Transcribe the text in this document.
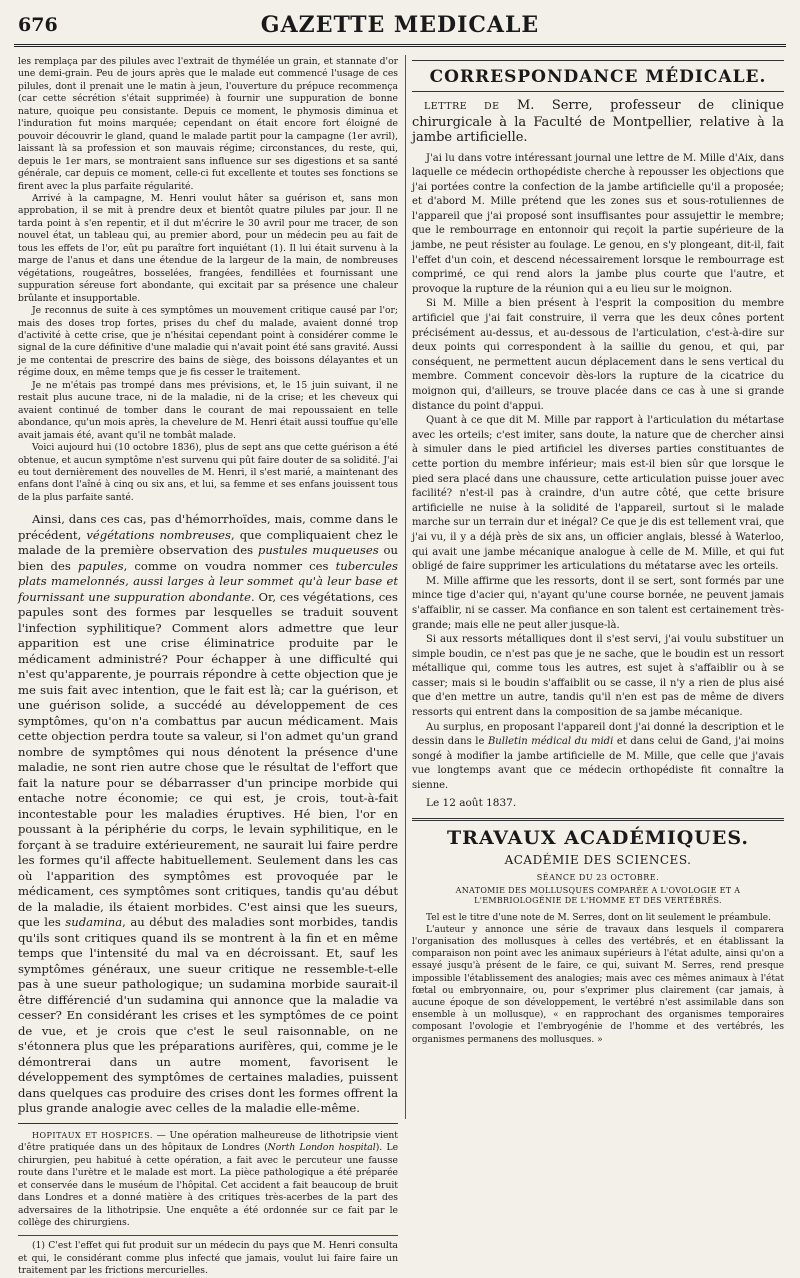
676	GAZETTE MEDICALE

les remplaça par des pilules avec l'extrait de thymélée un grain, et stannate d'or une demi-grain. Peu de jours après que le malade eut commencé l'usage de ces pilules, dont il prenait une le matin à jeun, l'ouverture du prépuce recommença (car cette sécrétion s'était supprimée) à fournir une suppuration de bonne nature, quoique peu consistante. Depuis ce moment, le phymosis diminua et l'induration fut moins marquée; cependant on était encore fort éloigné de pouvoir découvrir le gland, quand le malade partit pour la campagne (1er avril), laissant là sa profession et son mauvais régime; circonstances, du reste, qui, depuis le 1er mars, se montraient sans influence sur ses digestions et sa santé générale, car depuis ce moment, celle-ci fut excellente et toutes ses fonctions se firent avec la plus parfaite régularité.

Arrivé à la campagne, M. Henri voulut hâter sa guérison et, sans mon approbation, il se mit à prendre deux et bientôt quatre pilules par jour. Il ne tarda point à s'en repentir, et il dut m'écrire le 30 avril pour me tracer, de son nouvel état, un tableau qui, au premier abord, pour un médecin peu au fait de tous les effets de l'or, eût pu paraître fort inquiétant (1). Il lui était survenu à la marge de l'anus et dans une étendue de la largeur de la main, de nombreuses végétations, rougeâtres, bosselées, frangées, fendillées et fournissant une suppuration séreuse fort abondante, qui excitait par sa présence une chaleur brûlante et insupportable.

Je reconnus de suite à ces symptômes un mouvement critique causé par l'or; mais des doses trop fortes, prises du chef du malade, avaient donné trop d'activité à cette crise, que je n'hésitai cependant point à considérer comme le signal de la cure définitive d'une maladie qui n'avait point été sans gravité. Aussi je me contentai de prescrire des bains de siège, des boissons délayantes et un régime doux, en même temps que je fis cesser le traitement.

Je ne m'étais pas trompé dans mes prévisions, et, le 15 juin suivant, il ne restait plus aucune trace, ni de la maladie, ni de la crise; et les cheveux qui avaient continué de tomber dans le courant de mai repoussaient en telle abondance, qu'un mois après, la chevelure de M. Henri était aussi touffue qu'elle avait jamais été, avant qu'il ne tombât malade.

Voici aujourd hui (10 octobre 1836), plus de sept ans que cette guérison a été obtenue, et aucun symptôme n'est survenu qui pût faire douter de sa solidité. J'ai eu tout dernièrement des nouvelles de M. Henri, il s'est marié, a maintenant des enfans dont l'aîné à cinq ou six ans, et lui, sa femme et ses enfans jouissent tous de la plus parfaite santé.

Ainsi, dans ces cas, pas d'hémorrhoïdes, mais, comme dans le précédent, végétations nombreuses, que compliquaient chez le malade de la première observation des pustules muqueuses ou bien des papules, comme on voudra nommer ces tubercules plats mamelonnés, aussi larges à leur sommet qu'à leur base et fournissant une suppuration abondante. Or, ces végétations, ces papules sont des formes par lesquelles se traduit souvent l'infection syphilitique? Comment alors admettre que leur apparition est une crise éliminatrice produite par le médicament administré? Pour échapper à une difficulté qui n'est qu'apparente, je pourrais répondre à cette objection que je me suis fait avec intention, que le fait est là; car la guérison, et une guérison solide, a succédé au développement de ces symptômes, qu'on n'a combattus par aucun médicament. Mais cette objection perdra toute sa valeur, si l'on admet qu'un grand nombre de symptômes qui nous dénotent la présence d'une maladie, ne sont rien autre chose que le résultat de l'effort que fait la nature pour se débarrasser d'un principe morbide qui entache notre économie; ce qui est, je crois, tout-à-fait incontestable pour les maladies éruptives. Hé bien, l'or en poussant à la périphérie du corps, le levain syphilitique, en le forçant à se traduire extérieurement, ne saurait lui faire perdre les formes qu'il affecte habituellement. Seulement dans les cas où l'apparition des symptômes est provoquée par le médicament, ces symptômes sont critiques, tandis qu'au début de la maladie, ils étaient morbides. C'est ainsi que les sueurs, que les sudamina, au début des maladies sont morbides, tandis qu'ils sont critiques quand ils se montrent à la fin et en même temps que l'intensité du mal va en décroissant. Et, sauf les symptômes généraux, une sueur critique ne ressemble-t-elle pas à une sueur pathologique; un sudamina morbide saurait-il être différencié d'un sudamina qui annonce que la maladie va cesser? En considérant les crises et les symptômes de ce point de vue, et je crois que c'est le seul raisonnable, on ne s'étonnera plus que les préparations aurifères, qui, comme je le démontrerai dans un autre moment, favorisent le développement des symptômes de certaines maladies, puissent dans quelques cas produire des crises dont les formes offrent la plus grande analogie avec celles de la maladie elle-même.

HOPITAUX ET HOSPICES. — Une opération malheureuse de lithotripsie vient d'être pratiquée dans un des hôpitaux de Londres (North London hospital). Le chirurgien, peu habitué à cette opération, a fait avec le percuteur une fausse route dans l'urètre et le malade est mort. La pièce pathologique a été préparée et conservée dans le muséum de l'hôpital. Cet accident a fait beaucoup de bruit dans Londres et a donné matière à des critiques très-acerbes de la part des adversaires de la lithotripsie. Une enquête a été ordonnée sur ce fait par le collège des chirurgiens.

(1) C'est l'effet qui fut produit sur un médecin du pays que M. Henri consulta et qui, le considérant comme plus infecté que jamais, voulut lui faire faire un traitement par les frictions mercurielles.

CORRESPONDANCE MÉDICALE.

LETTRE DE M. Serre, professeur de clinique chirurgicale à la Faculté de Montpellier, relative à la jambe artificielle.

J'ai lu dans votre intéressant journal une lettre de M. Mille d'Aix, dans laquelle ce médecin orthopédiste cherche à repousser les objections que j'ai portées contre la confection de la jambe artificielle qu'il a proposée; et d'abord M. Mille prétend que les zones sus et sous-rotuliennes de l'appareil que j'ai proposé sont insuffisantes pour assujettir le membre; que le rembourrage en entonnoir qui reçoit la partie supérieure de la jambe, ne peut résister au foulage. Le genou, en s'y plongeant, dit-il, fait l'effet d'un coin, et descend nécessairement lorsque le rembourrage est comprimé, ce qui rend alors la jambe plus courte que l'autre, et provoque la rupture de la réunion qui a eu lieu sur le moignon.

Si M. Mille a bien présent à l'esprit la composition du membre artificiel que j'ai fait construire, il verra que les deux cônes portent précisément au-dessus, et au-dessous de l'articulation, c'est-à-dire sur deux points qui correspondent à la saillie du genou, et qui, par conséquent, ne permettent aucun déplacement dans le sens vertical du membre. Comment concevoir dès-lors la rupture de la cicatrice du moignon qui, d'ailleurs, se trouve placée dans ce cas à une si grande distance du point d'appui.

Quant à ce que dit M. Mille par rapport à l'articulation du métartase avec les orteils; c'est imiter, sans doute, la nature que de chercher ainsi à simuler dans le pied artificiel les diverses parties constituantes de cette portion du membre inférieur; mais est-il bien sûr que lorsque le pied sera placé dans une chaussure, cette articulation puisse jouer avec facilité? n'est-il pas à craindre, d'un autre côté, que cette brisure artificielle ne nuise à la solidité de l'appareil, surtout si le malade marche sur un terrain dur et inégal? Ce que je dis est tellement vrai, que j'ai vu, il y a déjà près de six ans, un officier anglais, blessé à Waterloo, qui avait une jambe mécanique analogue à celle de M. Mille, et qui fut obligé de faire supprimer les articulations du métatarse avec les orteils.

M. Mille affirme que les ressorts, dont il se sert, sont formés par une mince tige d'acier qui, n'ayant qu'une course bornée, ne peuvent jamais s'affaiblir, ni se casser. Ma confiance en son talent est certainement très-grande; mais elle ne peut aller jusque-là.

Si aux ressorts métalliques dont il s'est servi, j'ai voulu substituer un simple boudin, ce n'est pas que je ne sache, que le boudin est un ressort métallique qui, comme tous les autres, est sujet à s'affaiblir ou à se casser; mais si le boudin s'affaiblit ou se casse, il n'y a rien de plus aisé que d'en mettre un autre, tandis qu'il n'en est pas de même de divers ressorts qui entrent dans la composition de sa jambe mécanique.

Au surplus, en proposant l'appareil dont j'ai donné la description et le dessin dans le Bulletin médical du midi et dans celui de Gand, j'ai moins songé à modifier la jambe artificielle de M. Mille, que celle que j'avais vue longtemps avant que ce médecin orthopédiste fit connaître la sienne.

Le 12 août 1837.

TRAVAUX ACADÉMIQUES.
ACADÉMIE DES SCIENCES.
SÉANCE DU 23 OCTOBRE.
ANATOMIE DES MOLLUSQUES COMPARÉE A L'OVOLOGIE ET A L'EMBRIOLOGÉNIE DE L'HOMME ET DES VERTÉBRÉS.

Tel est le titre d'une note de M. Serres, dont on lit seulement le préambule.

L'auteur y annonce une série de travaux dans lesquels il comparera l'organisation des mollusques à celles des vertébrés, et en établissant la comparaison non point avec les animaux supérieurs à l'état adulte, ainsi qu'on a essayé jusqu'à présent de le faire, ce qui, suivant M. Serres, rend presque impossible l'établissement des analogies; mais avec ces mêmes animaux à l'état fœtal ou embryonnaire, ou, pour s'exprimer plus clairement (car jamais, à aucune époque de son développement, le vertébré n'est assimilable dans son ensemble à un mollusque), « en rapprochant des organismes temporaires composant l'ovologie et l'embryogénie de l'homme et des vertébrés, les organismes permanens des mollusques. »
